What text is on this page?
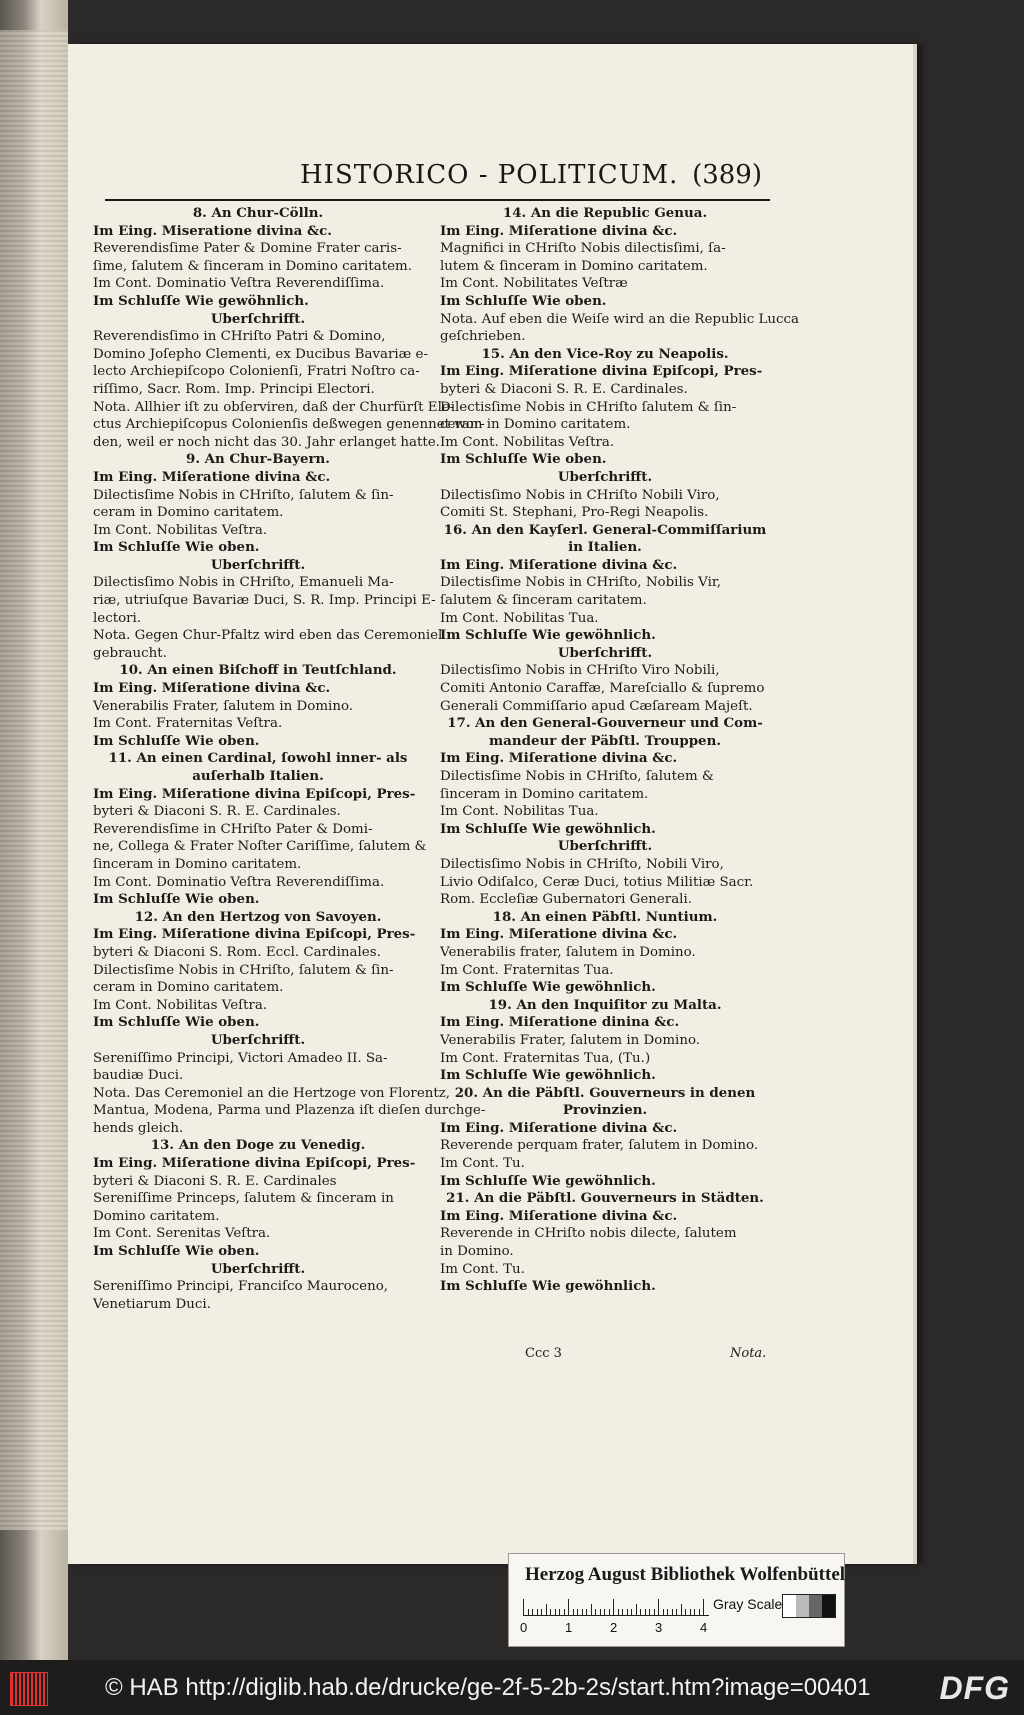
HISTORICO - POLITICUM. (389)
8. An Chur-Cölln.
Im Eing. Miseratione divina &c.
Reverendisſime Pater & Domine Frater caris-
ſime, ſalutem & ſinceram in Domino caritatem.
Im Cont. Dominatio Veſtra Reverendiſſima.
Im Schluſſe Wie gewöhnlich.
Uberſchrifft.
Reverendisſimo in CHriſto Patri & Domino,
Domino Joſepho Clementi, ex Ducibus Bavariæ e-
lecto Archiepiſcopo Colonienſi, Fratri Noſtro ca-
riſſimo, Sacr. Rom. Imp. Principi Electori.
Nota. Allhier iſt zu obſerviren, daß der Churfürſt Ele-
ctus Archiepiſcopus Colonienſis deßwegen genennet wor-
den, weil er noch nicht das 30. Jahr erlanget hatte.
9. An Chur-Bayern.
Im Eing. Miſeratione divina &c.
Dilectisſime Nobis in CHriſto, ſalutem & ſin-
ceram in Domino caritatem.
Im Cont. Nobilitas Veſtra.
Im Schluſſe Wie oben.
Uberſchrifft.
Dilectisſimo Nobis in CHriſto, Emanueli Ma-
riæ, utriuſque Bavariæ Duci, S. R. Imp. Principi E-
lectori.
Nota. Gegen Chur-Pfaltz wird eben das Ceremoniel
gebraucht.
10. An einen Biſchoff in Teutſchland.
Im Eing. Miſeratione divina &c.
Venerabilis Frater, ſalutem in Domino.
Im Cont. Fraternitas Veſtra.
Im Schluſſe Wie oben.
11. An einen Cardinal, ſowohl inner- als
auſerhalb Italien.
Im Eing. Miſeratione divina Epiſcopi, Pres-
byteri & Diaconi S. R. E. Cardinales.
Reverendisſime in CHriſto Pater & Domi-
ne, Collega & Frater Noſter Cariſſime, ſalutem &
ſinceram in Domino caritatem.
Im Cont. Dominatio Veſtra Reverendiſſima.
Im Schluſſe Wie oben.
12. An den Hertzog von Savoyen.
Im Eing. Miſeratione divina Epiſcopi, Pres-
byteri & Diaconi S. Rom. Eccl. Cardinales.
Dilectisſime Nobis in CHriſto, ſalutem & ſin-
ceram in Domino caritatem.
Im Cont. Nobilitas Veſtra.
Im Schluſſe Wie oben.
Uberſchrifft.
Sereniſſimo Principi, Victori Amadeo II. Sa-
baudiæ Duci.
Nota. Das Ceremoniel an die Hertzoge von Florentz,
Mantua, Modena, Parma und Plazenza iſt dieſen durchge-
hends gleich.
13. An den Doge zu Venedig.
Im Eing. Miſeratione divina Epiſcopi, Pres-
byteri & Diaconi S. R. E. Cardinales
Sereniſſime Princeps, ſalutem & ſinceram in
Domino caritatem.
Im Cont. Serenitas Veſtra.
Im Schluſſe Wie oben.
Uberſchrifft.
Sereniſſimo Principi, Franciſco Mauroceno,
Venetiarum Duci.
14. An die Republic Genua.
Im Eing. Miſeratione divina &c.
Magnifici in CHriſto Nobis dilectisſimi, ſa-
lutem & ſinceram in Domino caritatem.
Im Cont. Nobilitates Veſtræ
Im Schluſſe Wie oben.
Nota. Auf eben die Weiſe wird an die Republic Lucca
geſchrieben.
15. An den Vice-Roy zu Neapolis.
Im Eing. Miſeratione divina Epiſcopi, Pres-
byteri & Diaconi S. R. E. Cardinales.
Dilectisſime Nobis in CHriſto ſalutem & ſin-
ceram in Domino caritatem.
Im Cont. Nobilitas Veſtra.
Im Schluſſe Wie oben.
Uberſchrifft.
Dilectisſimo Nobis in CHriſto Nobili Viro,
Comiti St. Stephani, Pro-Regi Neapolis.
16. An den Kayſerl. General-Commiſſarium
in Italien.
Im Eing. Miſeratione divina &c.
Dilectisſime Nobis in CHriſto, Nobilis Vir,
ſalutem & ſinceram caritatem.
Im Cont. Nobilitas Tua.
Im Schluſſe Wie gewöhnlich.
Uberſchrifft.
Dilectisſimo Nobis in CHriſto Viro Nobili,
Comiti Antonio Caraffæ, Mareſciallo & ſupremo
Generali Commiſſario apud Cæſaream Majeſt.
17. An den General-Gouverneur und Com-
mandeur der Päbſtl. Trouppen.
Im Eing. Miſeratione divina &c.
Dilectisſime Nobis in CHriſto, ſalutem &
ſinceram in Domino caritatem.
Im Cont. Nobilitas Tua.
Im Schluſſe Wie gewöhnlich.
Uberſchrifft.
Dilectisſimo Nobis in CHriſto, Nobili Viro,
Livio Odiſalco, Ceræ Duci, totius Militiæ Sacr.
Rom. Eccleſiæ Gubernatori Generali.
18. An einen Päbſtl. Nuntium.
Im Eing. Miſeratione divina &c.
Venerabilis frater, ſalutem in Domino.
Im Cont. Fraternitas Tua.
Im Schluſſe Wie gewöhnlich.
19. An den Inquiſitor zu Malta.
Im Eing. Miſeratione dinina &c.
Venerabilis Frater, ſalutem in Domino.
Im Cont. Fraternitas Tua, (Tu.)
Im Schluſſe Wie gewöhnlich.
20. An die Päbſtl. Gouverneurs in denen
Provinzien.
Im Eing. Miſeratione divina &c.
Reverende perquam frater, ſalutem in Domino.
Im Cont. Tu.
Im Schluſſe Wie gewöhnlich.
21. An die Päbſtl. Gouverneurs in Städten.
Im Eing. Miſeratione divina &c.
Reverende in CHriſto nobis dilecte, ſalutem
in Domino.
Im Cont. Tu.
Im Schluſſe Wie gewöhnlich.
Ccc 3	Nota.
Herzog August Bibliothek Wolfenbüttel
0	1	2	3	4
Gray Scale
© HAB http://diglib.hab.de/drucke/ge-2f-5-2b-2s/start.htm?image=00401 DFG
